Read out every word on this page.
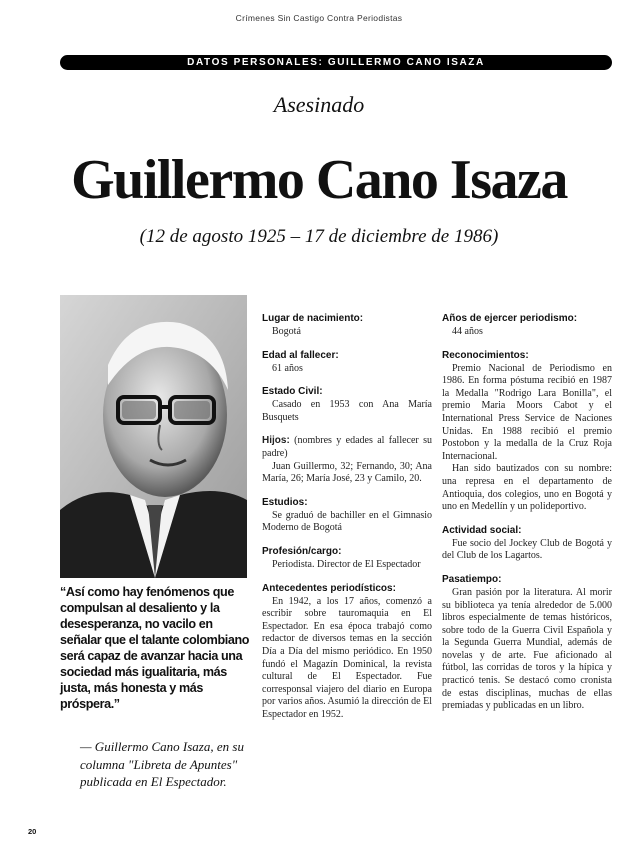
Crímenes Sin Castigo Contra Periodistas
DATOS PERSONALES: GUILLERMO CANO ISAZA
Asesinado
Guillermo Cano Isaza
(12 de agosto 1925 – 17 de diciembre de 1986)
“Así como hay fenómenos que compulsan al desaliento y la desesperanza, no vacilo en señalar que el talante colombiano será capaz de avanzar hacia una sociedad más igualitaria, más justa, más honesta y más próspera.”
— Guillermo Cano Isaza, en su columna "Libreta de Apuntes" publicada en El Espectador.
20
Lugar de nacimiento:
Bogotá
Edad al fallecer:
61 años
Estado Civil:

Casado en 1953 con Ana María Busquets

Hijos: (nombres y edades al fallecer su padre)

Juan Guillermo, 32; Fernando, 30; Ana María, 26; María José, 23 y Camilo, 20.

Estudios:

Se graduó de bachiller en el Gimnasio Moderno de Bogotá

Profesión/cargo:

Periodista. Director de El Espectador

Antecedentes periodísticos:

En 1942, a los 17 años, comenzó a escribir sobre tauromaquia en El Espectador. En esa época trabajó como redactor de diversos temas en la sección Día a Día del mismo periódico. En 1950 fundó el Magazín Dominical, la revista cultural de El Espectador. Fue corresponsal viajero del diario en Europa por varios años. Asumió la dirección de El Espectador en 1952.

Años de ejercer periodismo:
44 años
Reconocimientos:

Premio Nacional de Periodismo en 1986. En forma póstuma recibió en 1987 la Medalla "Rodrigo Lara Bonilla", el premio Maria Moors Cabot y el International Press Service de Naciones Unidas. En 1988 recibió el premio Postobon y la medalla de la Cruz Roja Internacional.

Han sido bautizados con su nombre: una represa en el departamento de Antioquia, dos colegios, uno en Bogotá y uno en Medellín y un polideportivo.

Actividad social:

Fue socio del Jockey Club de Bogotá y del Club de los Lagartos.

Pasatiempo:

Gran pasión por la literatura. Al morir su biblioteca ya tenía alrededor de 5.000 libros especialmente de temas históricos, sobre todo de la Guerra Civil Española y la Segunda Guerra Mundial, además de novelas y de arte. Fue aficionado al fútbol, las corridas de toros y la hípica y practicó tenis. Se destacó como cronista de estas disciplinas, muchas de ellas premiadas y publicadas en un libro.
